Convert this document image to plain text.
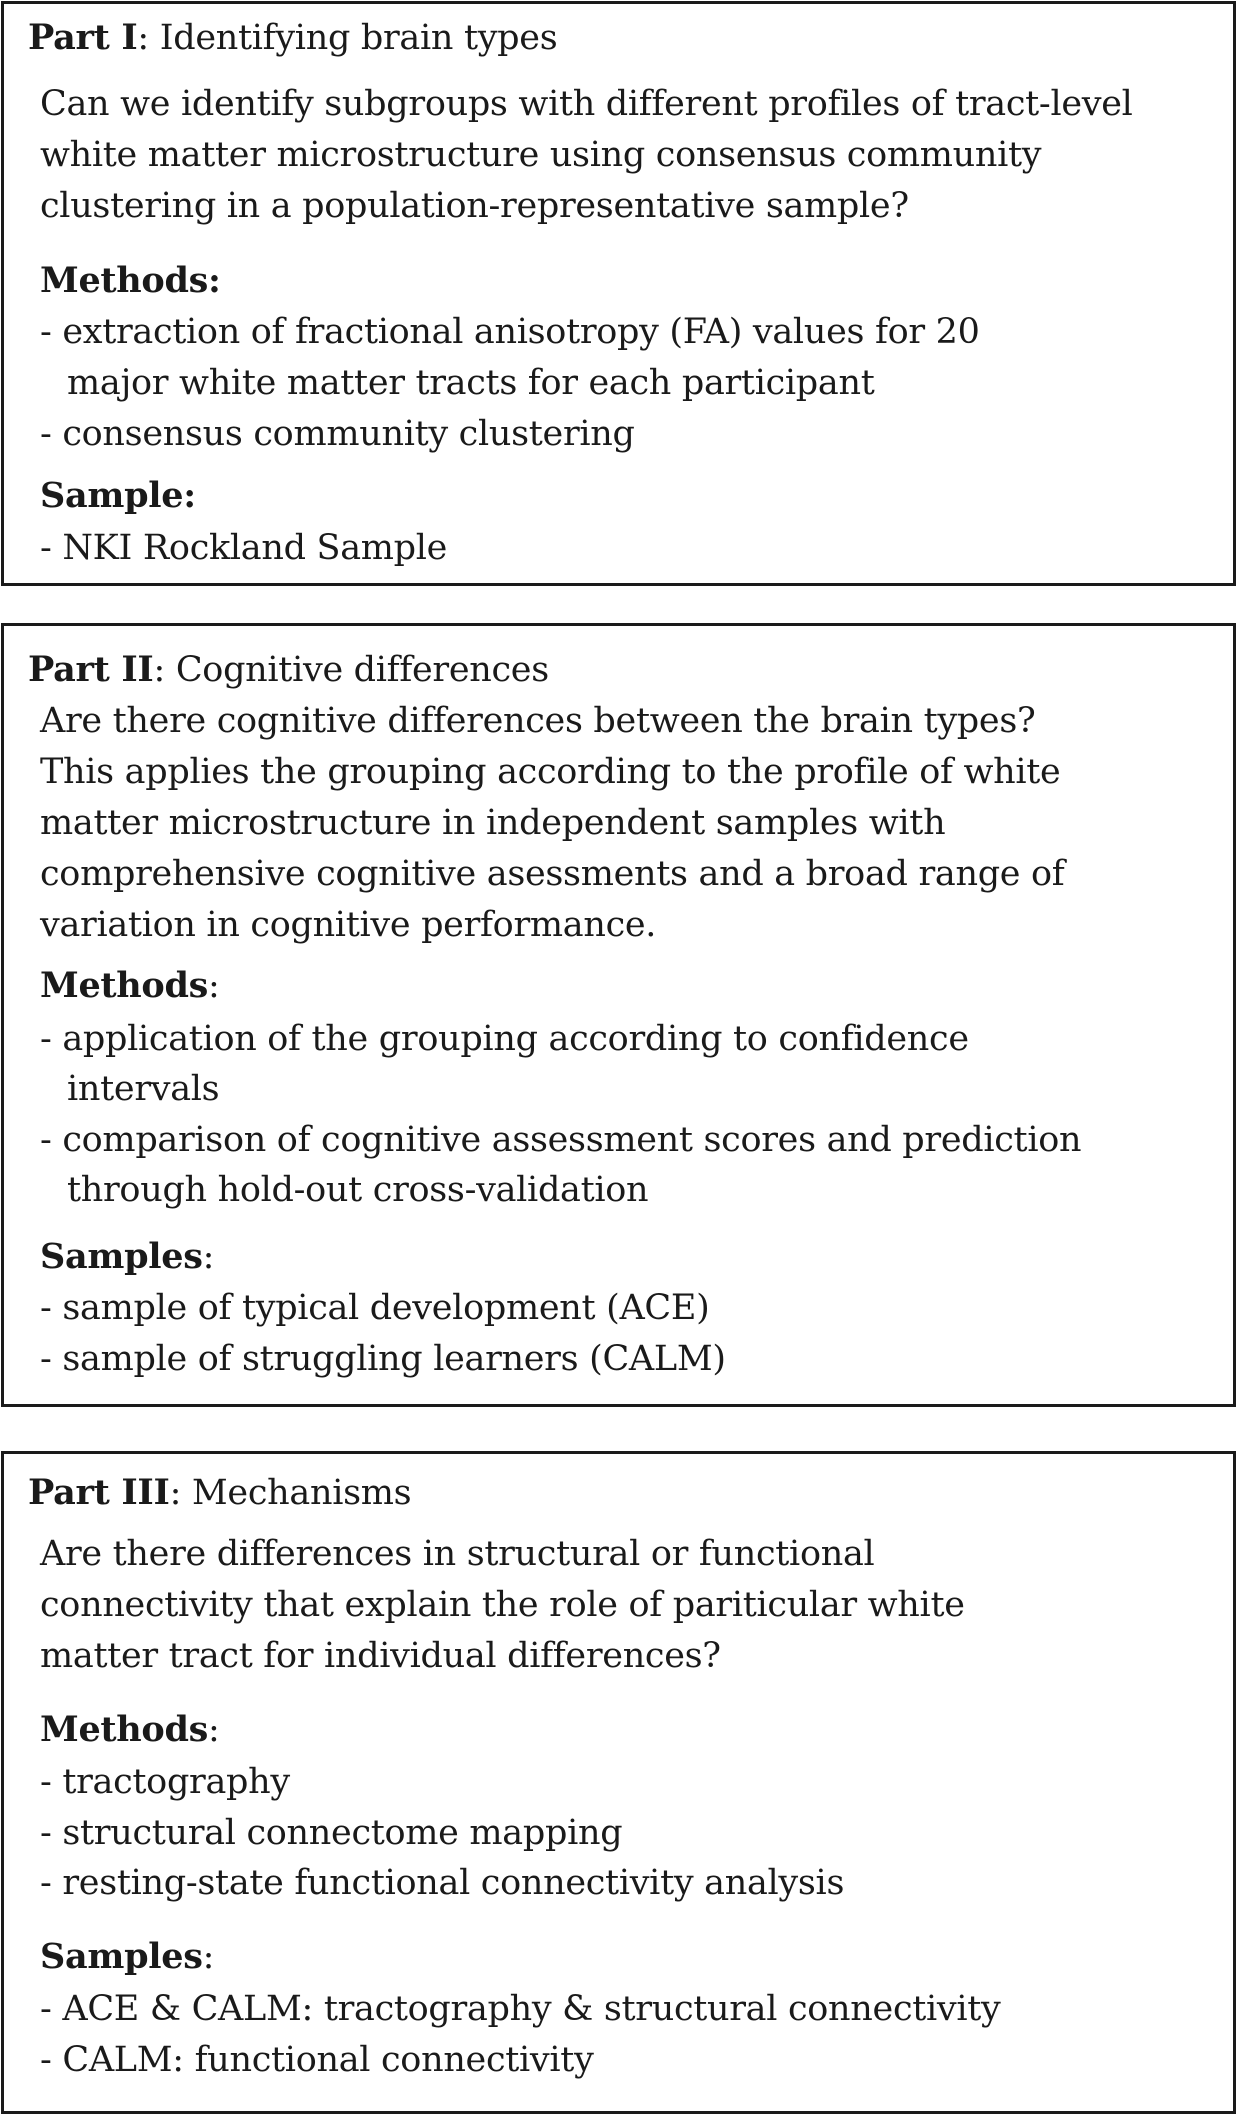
Part I: Identifying brain types
Can we identify subgroups with different profiles of tract-level
white matter microstructure using consensus community
clustering in a population-representative sample?
Methods:
- extraction of fractional anisotropy (FA) values for 20
major white matter tracts for each participant
- consensus community clustering
Sample:
- NKI Rockland Sample
Part II: Cognitive differences
Are there cognitive differences between the brain types?
This applies the grouping according to the profile of white
matter microstructure in independent samples with
comprehensive cognitive asessments and a broad range of
variation in cognitive performance.
Methods:
- application of the grouping according to confidence
intervals
- comparison of cognitive assessment scores and prediction
through hold-out cross-validation
Samples:
- sample of typical development (ACE)
- sample of struggling learners (CALM)
Part III: Mechanisms
Are there differences in structural or functional
connectivity that explain the role of pariticular white
matter tract for individual differences?
Methods:
- tractography
- structural connectome mapping
- resting-state functional connectivity analysis
Samples:
- ACE & CALM: tractography & structural connectivity
- CALM: functional connectivity
